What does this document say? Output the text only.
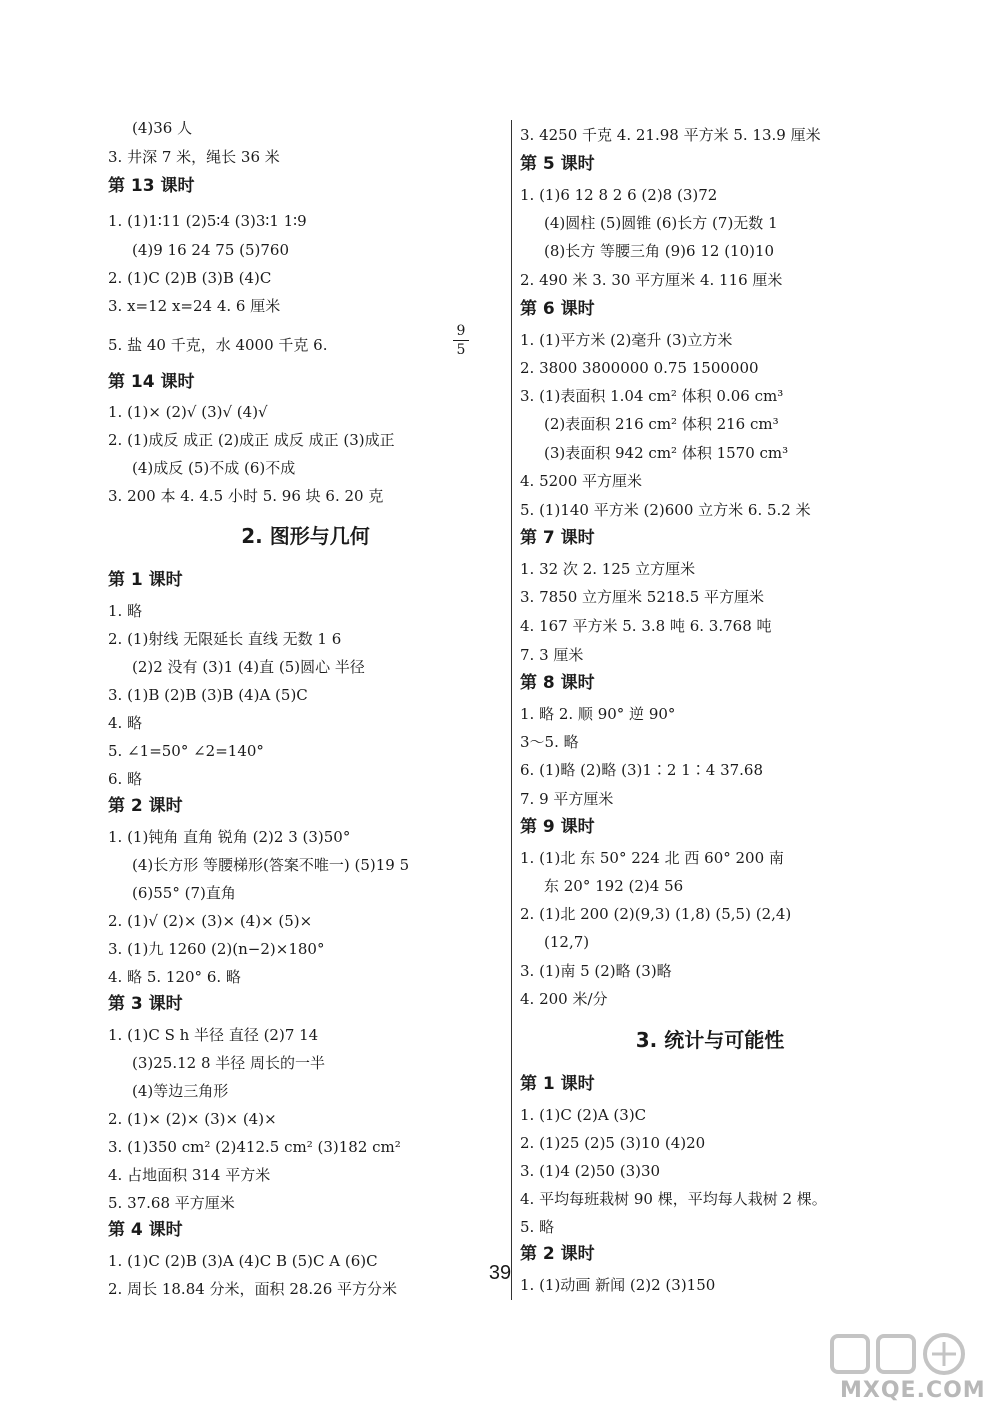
9
5
(4)36 人
3. 井深 7 米，绳长 36 米
第 13 课时
1. (1)1∶11 (2)5∶4 (3)3∶1 1∶9
(4)9 16 24 75 (5)760
2. (1)C (2)B (3)B (4)C
3. x=12 x=24 4. 6 厘米
5. 盐 40 千克，水 4000 千克 6.
第 14 课时
1. (1)× (2)√ (3)√ (4)√
2. (1)成反 成正 (2)成正 成反 成正 (3)成正
(4)成反 (5)不成 (6)不成
3. 200 本 4. 4.5 小时 5. 96 块 6. 20 克
2. 图形与几何
第 1 课时
1. 略
2. (1)射线 无限延长 直线 无数 1 6
(2)2 没有 (3)1 (4)直 (5)圆心 半径
3. (1)B (2)B (3)B (4)A (5)C
4. 略
5. ∠1=50° ∠2=140°
6. 略
第 2 课时
1. (1)钝角 直角 锐角 (2)2 3 (3)50°
(4)长方形 等腰梯形(答案不唯一) (5)19 5
(6)55° (7)直角
2. (1)√ (2)× (3)× (4)× (5)×
3. (1)九 1260 (2)(n−2)×180°
4. 略 5. 120° 6. 略
第 3 课时
1. (1)C S h 半径 直径 (2)7 14
(3)25.12 8 半径 周长的一半
(4)等边三角形
2. (1)× (2)× (3)× (4)×
3. (1)350 cm² (2)412.5 cm² (3)182 cm²
4. 占地面积 314 平方米
5. 37.68 平方厘米
第 4 课时
1. (1)C (2)B (3)A (4)C B (5)C A (6)C
2. 周长 18.84 分米，面积 28.26 平方分米
3. 4250 千克 4. 21.98 平方米 5. 13.9 厘米
第 5 课时
1. (1)6 12 8 2 6 (2)8 (3)72
(4)圆柱 (5)圆锥 (6)长方 (7)无数 1
(8)长方 等腰三角 (9)6 12 (10)10
2. 490 米 3. 30 平方厘米 4. 116 厘米
第 6 课时
1. (1)平方米 (2)毫升 (3)立方米
2. 3800 3800000 0.75 1500000
3. (1)表面积 1.04 cm² 体积 0.06 cm³
(2)表面积 216 cm² 体积 216 cm³
(3)表面积 942 cm² 体积 1570 cm³
4. 5200 平方厘米
5. (1)140 平方米 (2)600 立方米 6. 5.2 米
第 7 课时
1. 32 次 2. 125 立方厘米
3. 7850 立方厘米 5218.5 平方厘米
4. 167 平方米 5. 3.8 吨 6. 3.768 吨
7. 3 厘米
第 8 课时
1. 略 2. 顺 90° 逆 90°
3～5. 略
6. (1)略 (2)略 (3)1∶2 1∶4 37.68
7. 9 平方厘米
第 9 课时
1. (1)北 东 50° 224 北 西 60° 200 南
东 20° 192 (2)4 56
2. (1)北 200 (2)(9,3) (1,8) (5,5) (2,4)
(12,7)
3. (1)南 5 (2)略 (3)略
4. 200 米/分
3. 统计与可能性
第 1 课时
1. (1)C (2)A (3)C
2. (1)25 (2)5 (3)10 (4)20
3. (1)4 (2)50 (3)30
4. 平均每班栽树 90 棵，平均每人栽树 2 棵。
5. 略
第 2 课时
1. (1)动画 新闻 (2)2 (3)150
39
MXQE.COM
